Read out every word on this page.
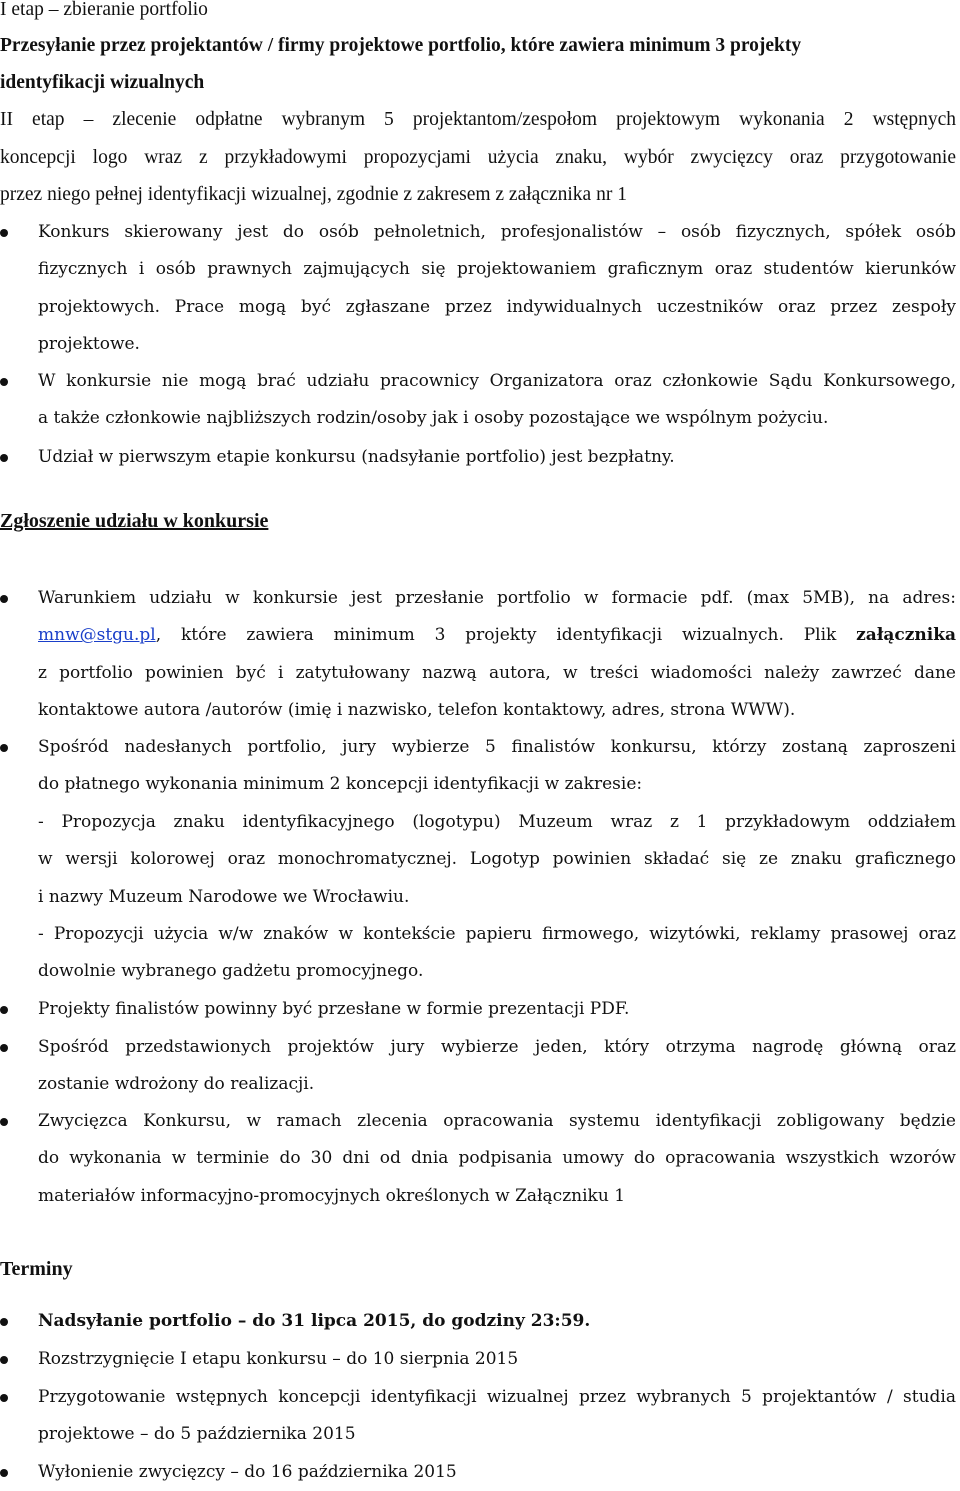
I etap – zbieranie portfolio
Przesyłanie przez projektantów / firmy projektowe portfolio, które zawiera minimum 3 projekty
identyfikacji wizualnych
II etap – zlecenie odpłatne wybranym 5 projektantom/zespołom projektowym wykonania 2 wstępnych
koncepcji logo wraz z przykładowymi propozycjami użycia znaku, wybór zwycięzcy oraz przygotowanie
przez niego pełnej identyfikacji wizualnej, zgodnie z zakresem z załącznika nr 1
Konkurs skierowany jest do osób pełnoletnich, profesjonalistów – osób fizycznych, spółek osób
fizycznych i osób prawnych zajmujących się projektowaniem graficznym oraz studentów kierunków
projektowych. Prace mogą być zgłaszane przez indywidualnych uczestników oraz przez zespoły
projektowe.
W konkursie nie mogą brać udziału pracownicy Organizatora oraz członkowie Sądu Konkursowego,
a także członkowie najbliższych rodzin/osoby jak i osoby pozostające we wspólnym pożyciu.
Udział w pierwszym etapie konkursu (nadsyłanie portfolio) jest bezpłatny.
Zgłoszenie udziału w konkursie
Warunkiem udziału w konkursie jest przesłanie portfolio w formacie pdf. (max 5MB), na adres:
mnw@stgu.pl, które zawiera minimum 3 projekty identyfikacji wizualnych. Plik załącznika
z portfolio powinien być i zatytułowany nazwą autora, w treści wiadomości należy zawrzeć dane
kontaktowe autora /autorów (imię i nazwisko, telefon kontaktowy, adres, strona WWW).
Spośród nadesłanych portfolio, jury wybierze 5 finalistów konkursu, którzy zostaną zaproszeni
do płatnego wykonania minimum 2 koncepcji identyfikacji w zakresie:
- Propozycja znaku identyfikacyjnego (logotypu) Muzeum wraz z 1 przykładowym oddziałem
w wersji kolorowej oraz monochromatycznej. Logotyp powinien składać się ze znaku graficznego
i nazwy Muzeum Narodowe we Wrocławiu.
- Propozycji użycia w/w znaków w kontekście papieru firmowego, wizytówki, reklamy prasowej oraz
dowolnie wybranego gadżetu promocyjnego.
Projekty finalistów powinny być przesłane w formie prezentacji PDF.
Spośród przedstawionych projektów jury wybierze jeden, który otrzyma nagrodę główną oraz
zostanie wdrożony do realizacji.
Zwycięzca Konkursu, w ramach zlecenia opracowania systemu identyfikacji zobligowany będzie
do wykonania w terminie do 30 dni od dnia podpisania umowy do opracowania wszystkich wzorów
materiałów informacyjno-promocyjnych określonych w Załączniku 1
Terminy
Nadsyłanie portfolio – do 31 lipca 2015, do godziny 23:59.
Rozstrzygnięcie I etapu konkursu – do 10 sierpnia 2015
Przygotowanie wstępnych koncepcji identyfikacji wizualnej przez wybranych 5 projektantów / studia
projektowe – do 5 października 2015
Wyłonienie zwycięzcy – do 16 października 2015
